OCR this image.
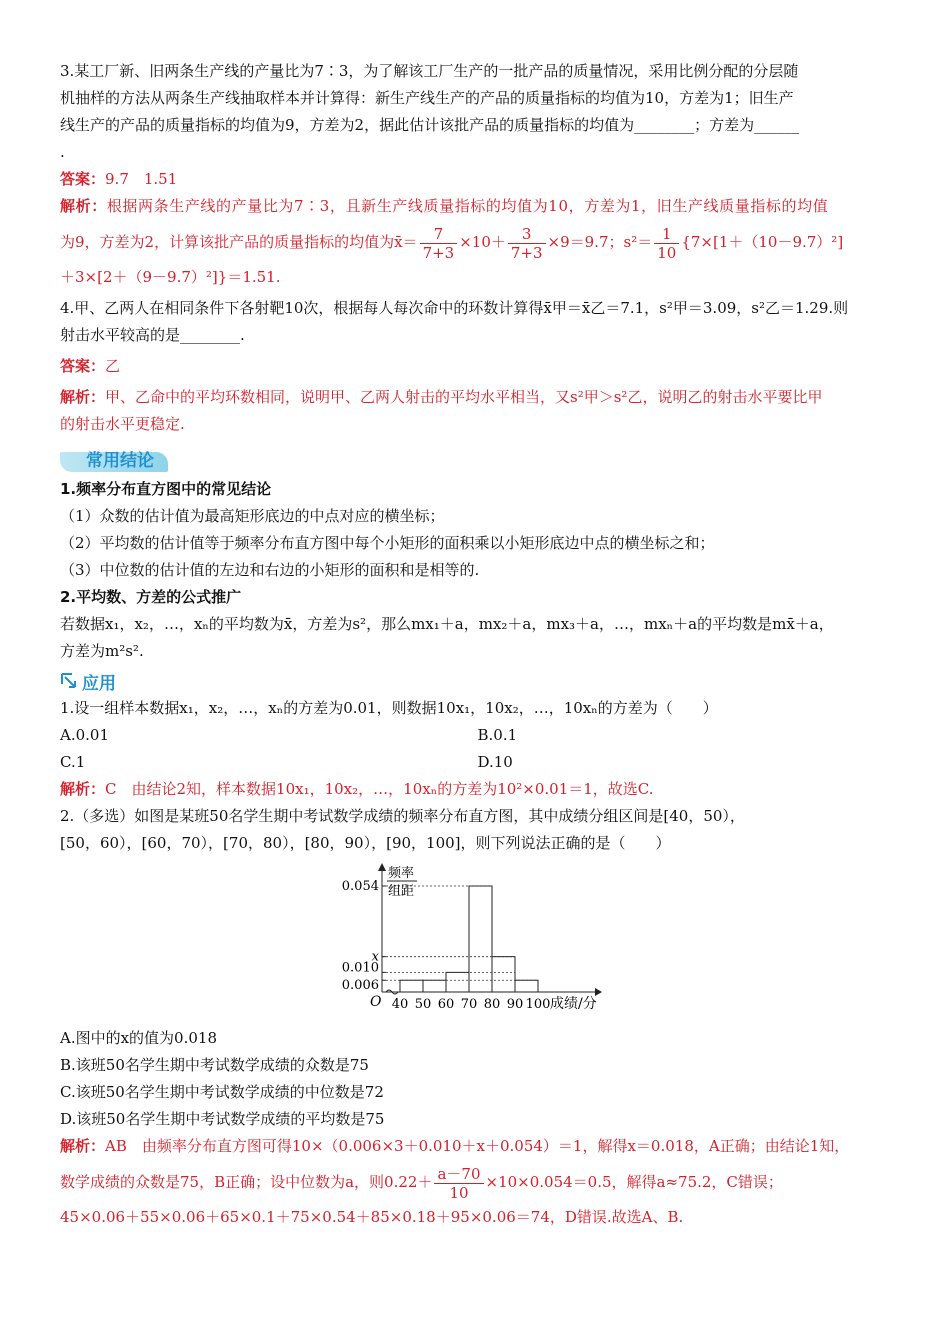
3.某工厂新、旧两条生产线的产量比为7∶3，为了解该工厂生产的一批产品的质量情况，采用比例分配的分层随

机抽样的方法从两条生产线抽取样本并计算得：新生产线生产的产品的质量指标的均值为10，方差为1；旧生产

线生产的产品的质量指标的均值为9，方差为2，据此估计该批产品的质量指标的均值为________；方差为______

.

答案：9.7　1.51

解析：根据两条生产线的产量比为7∶3，且新生产线质量指标的均值为10，方差为1，旧生产线质量指标的均值

为9，方差为2，计算该批产品的质量指标的均值为x̄＝ $\frac{7}{7+3} \times 10+ \frac{3}{7+3} \times 9=9.7$；$s^2= \frac{1}{10} \{7\times[1+(10-9.7)^2]$

＋3×[2＋（9－9.7）²]}＝1.51.

4.甲、乙两人在相同条件下各射靶10次，根据每人每次命中的环数计算得x̄甲＝x̄乙＝7.1，s²甲＝3.09，s²乙＝1.29.则

射击水平较高的是________.

答案：乙

解析：甲、乙命中的平均环数相同，说明甲、乙两人射击的平均水平相当，又s²甲＞s²乙，说明乙的射击水平要比甲

的射击水平更稳定.

常用结论

1.频率分布直方图中的常见结论

（1）众数的估计值为最高矩形底边的中点对应的横坐标；

（2）平均数的估计值等于频率分布直方图中每个小矩形的面积乘以小矩形底边中点的横坐标之和；

（3）中位数的估计值的左边和右边的小矩形的面积和是相等的.

2.平均数、方差的公式推广

若数据x₁，x₂，…，xₙ的平均数为x̄，方差为s²，那么mx₁＋a，mx₂＋a，mx₃＋a，…，mxₙ＋a的平均数是mx̄＋a，

方差为m²s².

应用

1.设一组样本数据x₁，x₂，…，xₙ的方差为0.01，则数据10x₁，10x₂，…，10xₙ的方差为（　　）

A.0.01	B.0.1

C.1	D.10

解析：C　由结论2知，样本数据10x₁，10x₂，…，10xₙ的方差为10²×0.01＝1，故选C.

2.（多选）如图是某班50名学生期中考试数学成绩的频率分布直方图，其中成绩分组区间是[40，50），

[50，60），[60，70），[70，80），[80，90），[90，100]，则下列说法正确的是（　　）

频率
组距
0.054
x
0.010
0.006
40 50 60 70 80 90 100 成绩/分
O

A.图中的x的值为0.018

B.该班50名学生期中考试数学成绩的众数是75

C.该班50名学生期中考试数学成绩的中位数是72

D.该班50名学生期中考试数学成绩的平均数是75

解析：AB　由频率分布直方图可得10×（0.006×3＋0.010＋x＋0.054）＝1，解得x＝0.018，A正确；由结论1知，

数学成绩的众数是75，B正确；设中位数为a，则$0.22+ \frac{a-70}{10} \times 10\times 0.054=0.5$，解得a≈75.2，C错误；

45×0.06＋55×0.06＋65×0.1＋75×0.54＋85×0.18＋95×0.06＝74，D错误.故选A、B.
